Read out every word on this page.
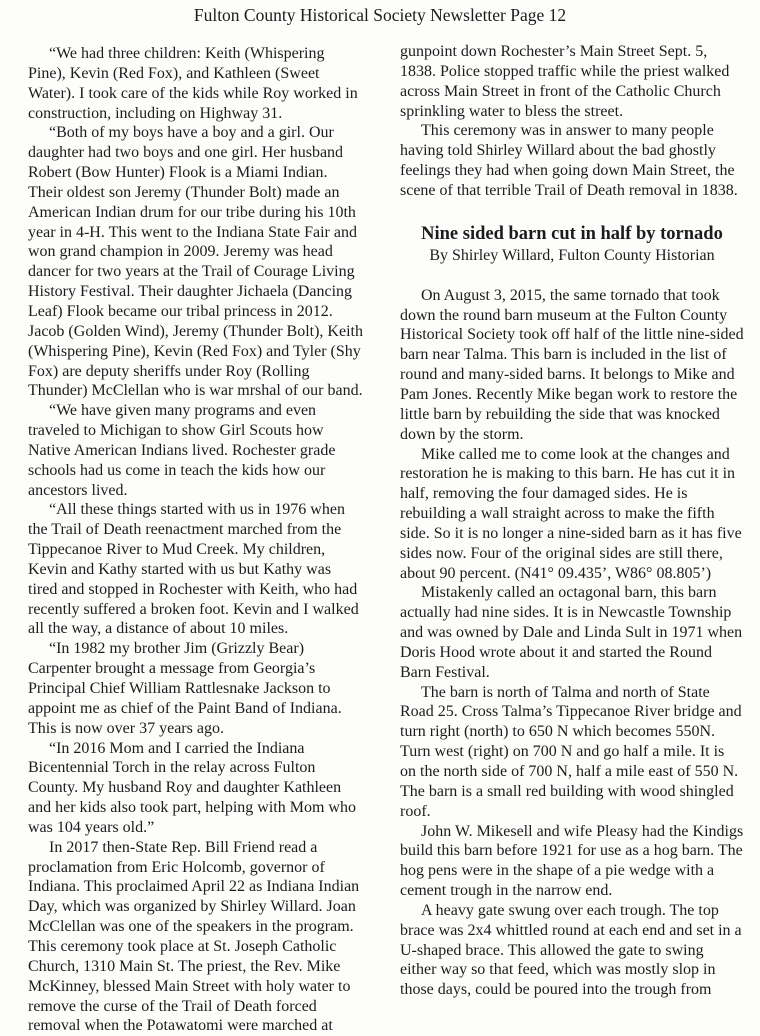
Fulton County Historical Society Newsletter Page 12

“We had three children: Keith (Whispering Pine), Kevin (Red Fox), and Kathleen (Sweet Water). I took care of the kids while Roy worked in construction, including on Highway 31.

“Both of my boys have a boy and a girl. Our daughter had two boys and one girl. Her husband Robert (Bow Hunter) Flook is a Miami Indian. Their oldest son Jeremy (Thunder Bolt) made an American Indian drum for our tribe during his 10th year in 4-H. This went to the Indiana State Fair and won grand champion in 2009. Jeremy was head dancer for two years at the Trail of Courage Living History Festival. Their daughter Jichaela (Dancing Leaf) Flook became our tribal princess in 2012. Jacob (Golden Wind), Jeremy (Thunder Bolt), Keith (Whispering Pine), Kevin (Red Fox) and Tyler (Shy Fox) are deputy sheriffs under Roy (Rolling Thunder) McClellan who is war mrshal of our band.

“We have given many programs and even traveled to Michigan to show Girl Scouts how Native American Indians lived. Rochester grade schools had us come in teach the kids how our ancestors lived.

“All these things started with us in 1976 when the Trail of Death reenactment marched from the Tippecanoe River to Mud Creek. My children, Kevin and Kathy started with us but Kathy was tired and stopped in Rochester with Keith, who had recently suffered a broken foot. Kevin and I walked all the way, a distance of about 10 miles.

“In 1982 my brother Jim (Grizzly Bear) Carpenter brought a message from Georgia’s Principal Chief William Rattlesnake Jackson to appoint me as chief of the Paint Band of Indiana. This is now over 37 years ago.

“In 2016 Mom and I carried the Indiana Bicentennial Torch in the relay across Fulton County. My husband Roy and daughter Kathleen and her kids also took part, helping with Mom who was 104 years old.”

In 2017 then-State Rep. Bill Friend read a proclamation from Eric Holcomb, governor of Indiana. This proclaimed April 22 as Indiana Indian Day, which was organized by Shirley Willard. Joan McClellan was one of the speakers in the program. This ceremony took place at St. Joseph Catholic Church, 1310 Main St. The priest, the Rev. Mike McKinney, blessed Main Street with holy water to remove the curse of the Trail of Death forced removal when the Potawatomi were marched at

gunpoint down Rochester’s Main Street Sept. 5, 1838. Police stopped traffic while the priest walked across Main Street in front of the Catholic Church sprinkling water to bless the street.

This ceremony was in answer to many people having told Shirley Willard about the bad ghostly feelings they had when going down Main Street, the scene of that terrible Trail of Death removal in 1838.

Nine sided barn cut in half by tornado
By Shirley Willard, Fulton County Historian

On August 3, 2015, the same tornado that took down the round barn museum at the Fulton County Historical Society took off half of the little nine-sided barn near Talma. This barn is included in the list of round and many-sided barns. It belongs to Mike and Pam Jones. Recently Mike began work to restore the little barn by rebuilding the side that was knocked down by the storm.

Mike called me to come look at the changes and restoration he is making to this barn. He has cut it in half, removing the four damaged sides. He is rebuilding a wall straight across to make the fifth side. So it is no longer a nine-sided barn as it has five sides now. Four of the original sides are still there, about 90 percent. (N41° 09.435’, W86° 08.805’)

Mistakenly called an octagonal barn, this barn actually had nine sides. It is in Newcastle Township and was owned by Dale and Linda Sult in 1971 when Doris Hood wrote about it and started the Round Barn Festival.

The barn is north of Talma and north of State Road 25. Cross Talma’s Tippecanoe River bridge and turn right (north) to 650 N which becomes 550N. Turn west (right) on 700 N and go half a mile. It is on the north side of 700 N, half a mile east of 550 N. The barn is a small red building with wood shingled roof.

John W. Mikesell and wife Pleasy had the Kindigs build this barn before 1921 for use as a hog barn. The hog pens were in the shape of a pie wedge with a cement trough in the narrow end.

A heavy gate swung over each trough. The top brace was 2x4 whittled round at each end and set in a U-shaped brace. This allowed the gate to swing either way so that feed, which was mostly slop in those days, could be poured into the trough from
